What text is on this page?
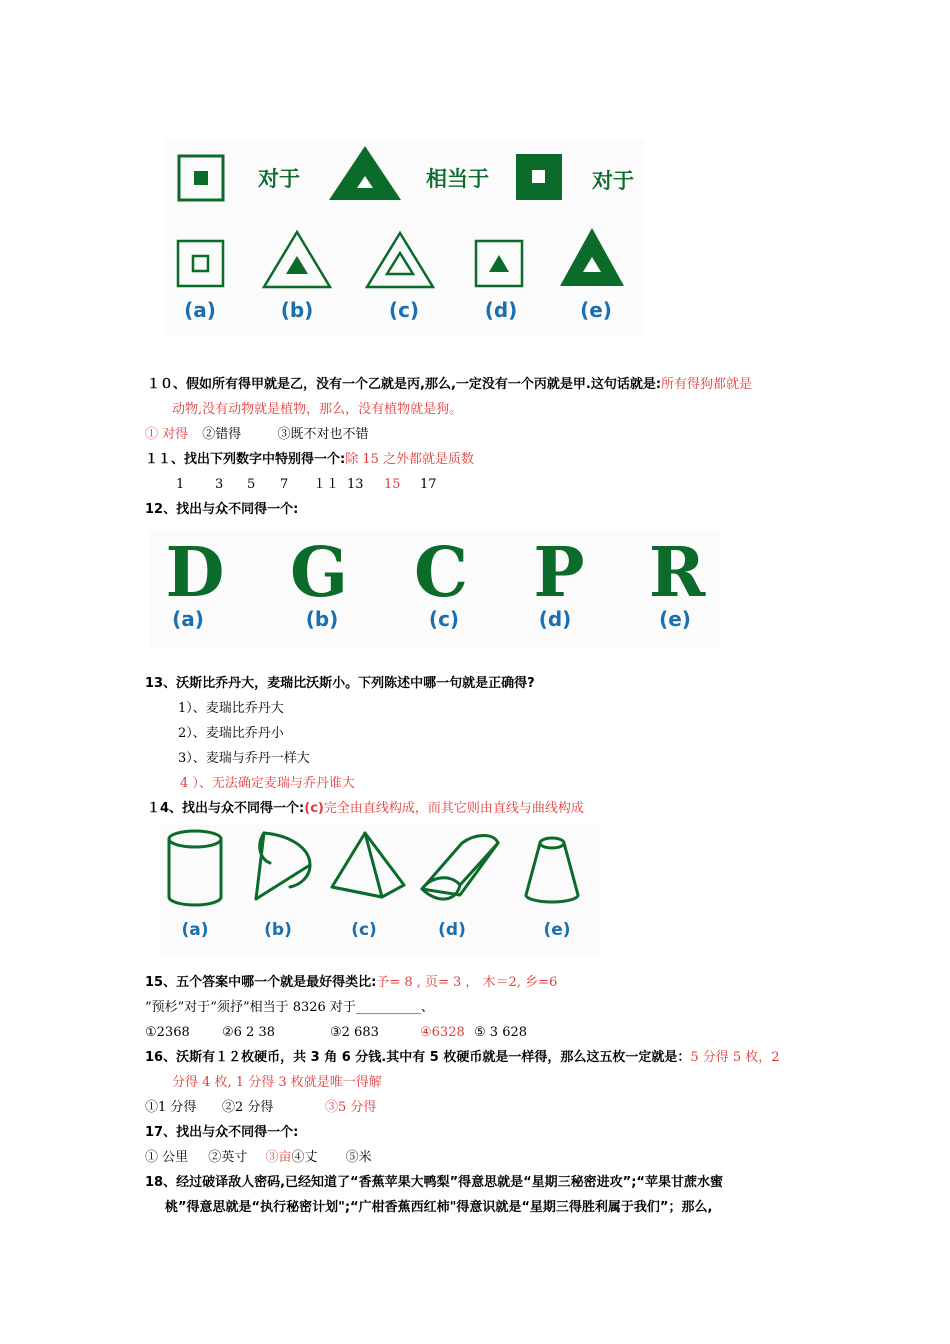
对于	相当于	对于
(a)	(b)	(c)	(d)	(e)
１０、假如所有得甲就是乙，没有一个乙就是丙,那么,一定没有一个丙就是甲.这句话就是:所有得狗都就是
动物,没有动物就是植物，那么，没有植物就是狗。
① 对得 ②错得	③既不对也不错
１１、找出下列数字中特别得一个:除 15 之外都就是质数
1 3 5 7 １１ 13 15 17
12、找出与众不同得一个:
D G C P R
(a)	(b)	(c)	(d)	(e)
13、沃斯比乔丹大，麦瑞比沃斯小。下列陈述中哪一句就是正确得?
1）、麦瑞比乔丹大
2）、麦瑞比乔丹小
3）、麦瑞与乔丹一样大
4 ）、无法确定麦瑞与乔丹谁大
１4、找出与众不同得一个:(c)完全由直线构成，而其它则由直线与曲线构成
(a)	(b)	(c)	(d)	(e)
15、五个答案中哪一个就是最好得类比:予= 8 , 页= 3 ， 木＝2, 乡=6
“预杉”对于“须抒”相当于 8326 对于__________、
①2368 ②6 2 38	③2 683	④6328 ⑤ 3 628
16、沃斯有１２枚硬币，共 3 角 6 分钱.其中有 5 枚硬币就是一样得，那么这五枚一定就是：5 分得 5 枚，2
分得 4 枚, 1 分得 3 枚就是唯一得解
①1 分得 ②2 分得	③5 分得
17、找出与众不同得一个:
① 公里 ②英寸 ③亩④丈 ⑤米
18、经过破译敌人密码,已经知道了“香蕉苹果大鸭梨”得意思就是“星期三秘密进攻”;“苹果甘蔗水蜜
桃”得意思就是“执行秘密计划";“广柑香蕉西红柿"得意识就是“星期三得胜利属于我们”；那么,
